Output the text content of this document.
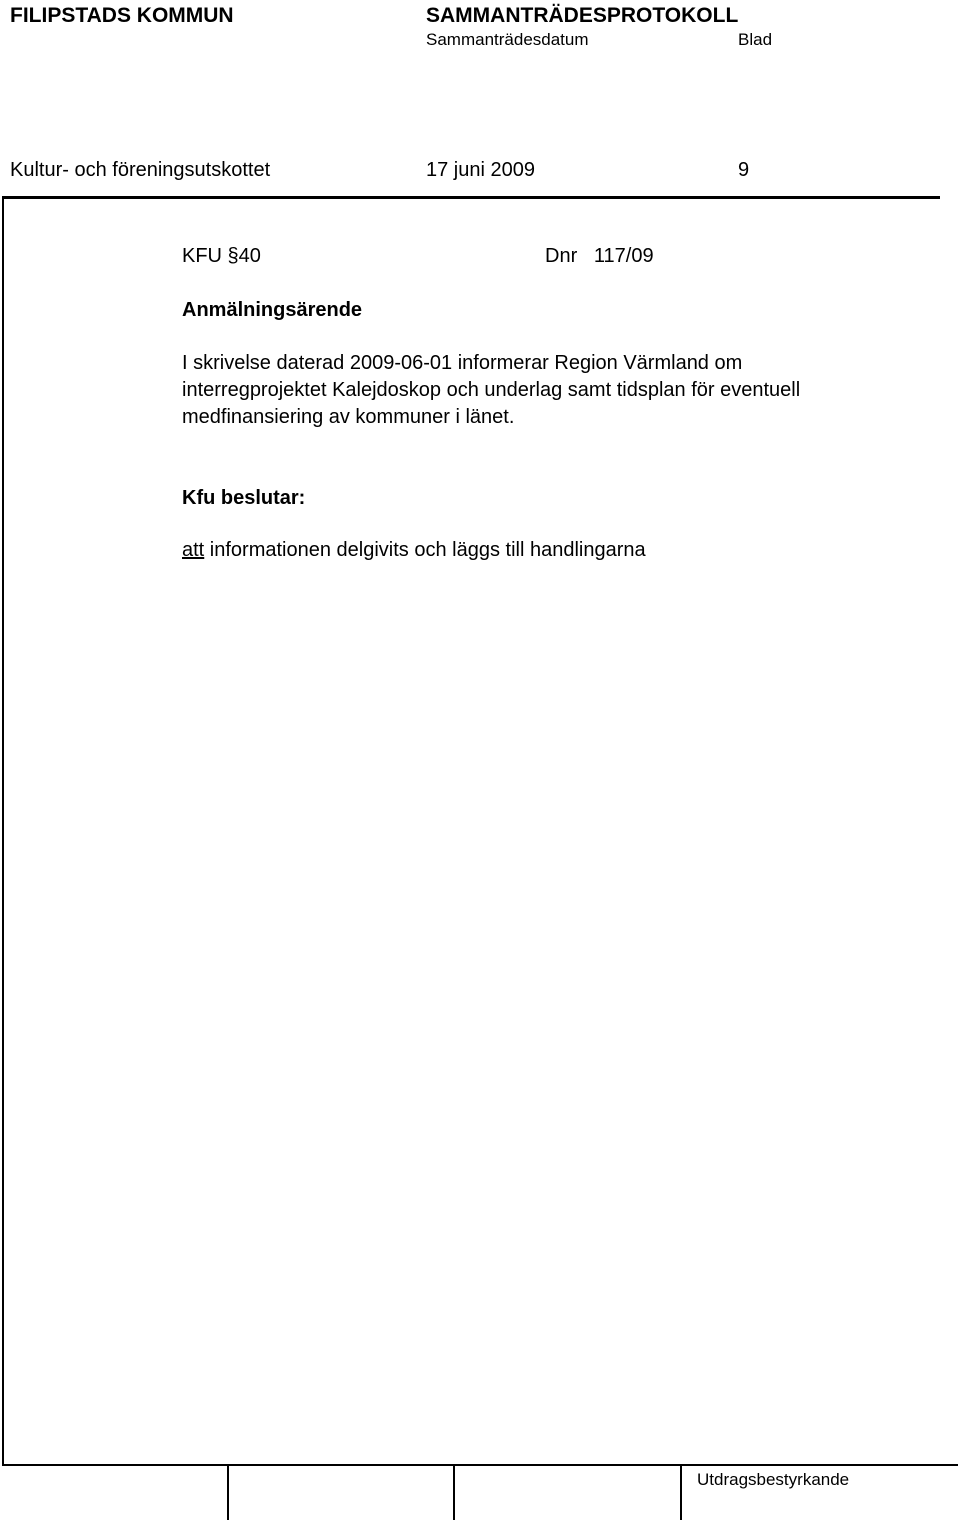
FILIPSTADS KOMMUN	SAMMANTRÄDESPROTOKOLL
Sammanträdesdatum	Blad
Kultur- och föreningsutskottet	17 juni 2009	9
KFU §40	Dnr   117/09
Anmälningsärende
I skrivelse daterad 2009-06-01 informerar Region Värmland om
interregprojektet Kalejdoskop och underlag samt tidsplan för eventuell
medfinansiering av kommuner i länet.
Kfu beslutar:
att informationen delgivits och läggs till handlingarna
Utdragsbestyrkande
